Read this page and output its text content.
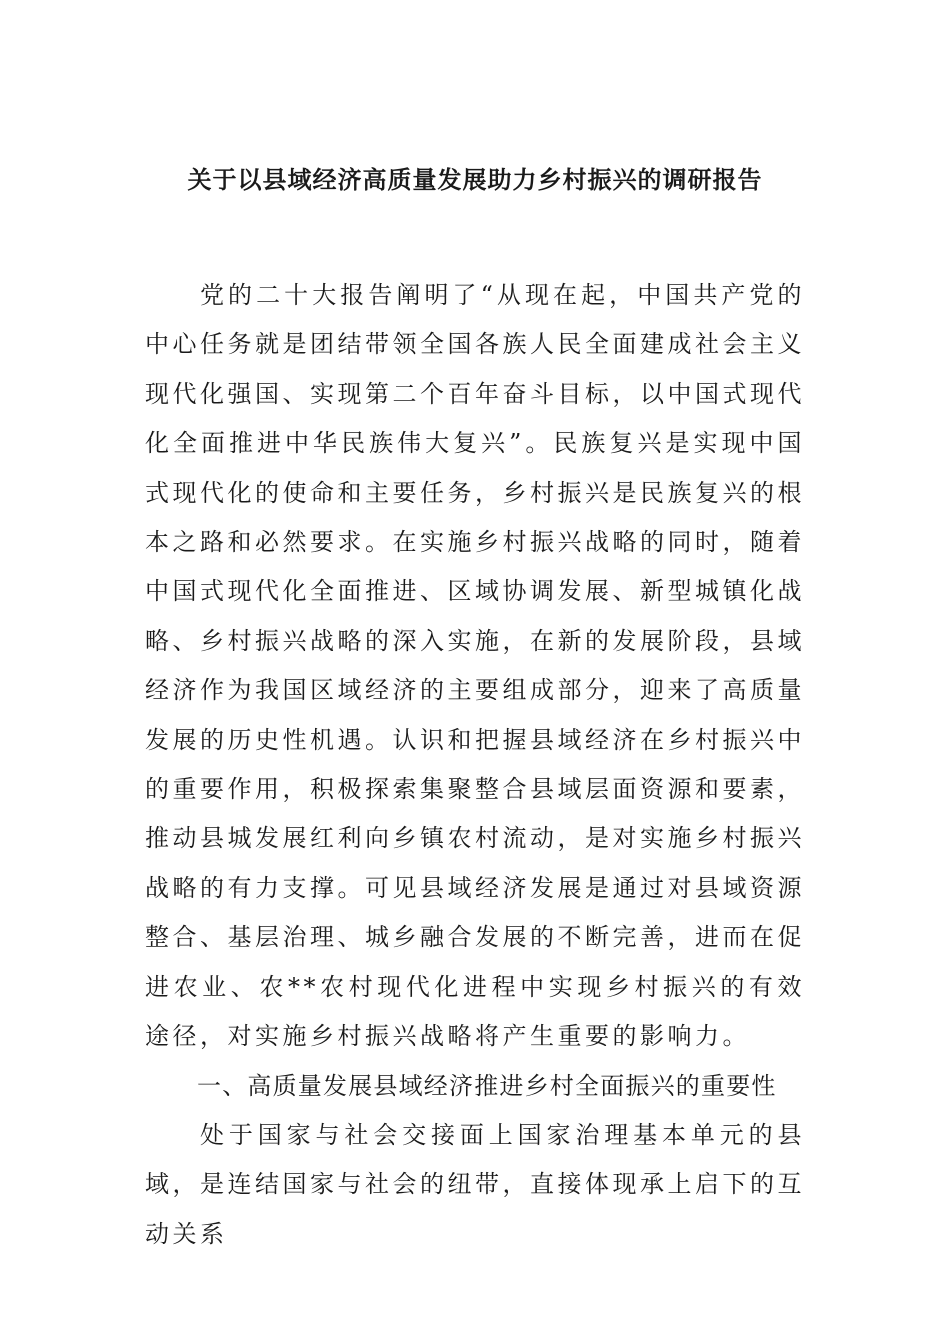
关于以县域经济高质量发展助力乡村振兴的调研报告

党的二十大报告阐明了“从现在起，中国共产党的中心任务就是团结带领全国各族人民全面建成社会主义现代化强国、实现第二个百年奋斗目标，以中国式现代化全面推进中华民族伟大复兴”。民族复兴是实现中国式现代化的使命和主要任务，乡村振兴是民族复兴的根本之路和必然要求。在实施乡村振兴战略的同时，随着中国式现代化全面推进、区域协调发展、新型城镇化战略、乡村振兴战略的深入实施，在新的发展阶段，县域经济作为我国区域经济的主要组成部分，迎来了高质量发展的历史性机遇。认识和把握县域经济在乡村振兴中的重要作用，积极探索集聚整合县域层面资源和要素，推动县城发展红利向乡镇农村流动，是对实施乡村振兴战略的有力支撑。可见县域经济发展是通过对县域资源整合、基层治理、城乡融合发展的不断完善，进而在促进农业、农**农村现代化进程中实现乡村振兴的有效途径，对实施乡村振兴战略将产生重要的影响力。

一、高质量发展县域经济推进乡村全面振兴的重要性

处于国家与社会交接面上国家治理基本单元的县域，是连结国家与社会的纽带，直接体现承上启下的互动关系
